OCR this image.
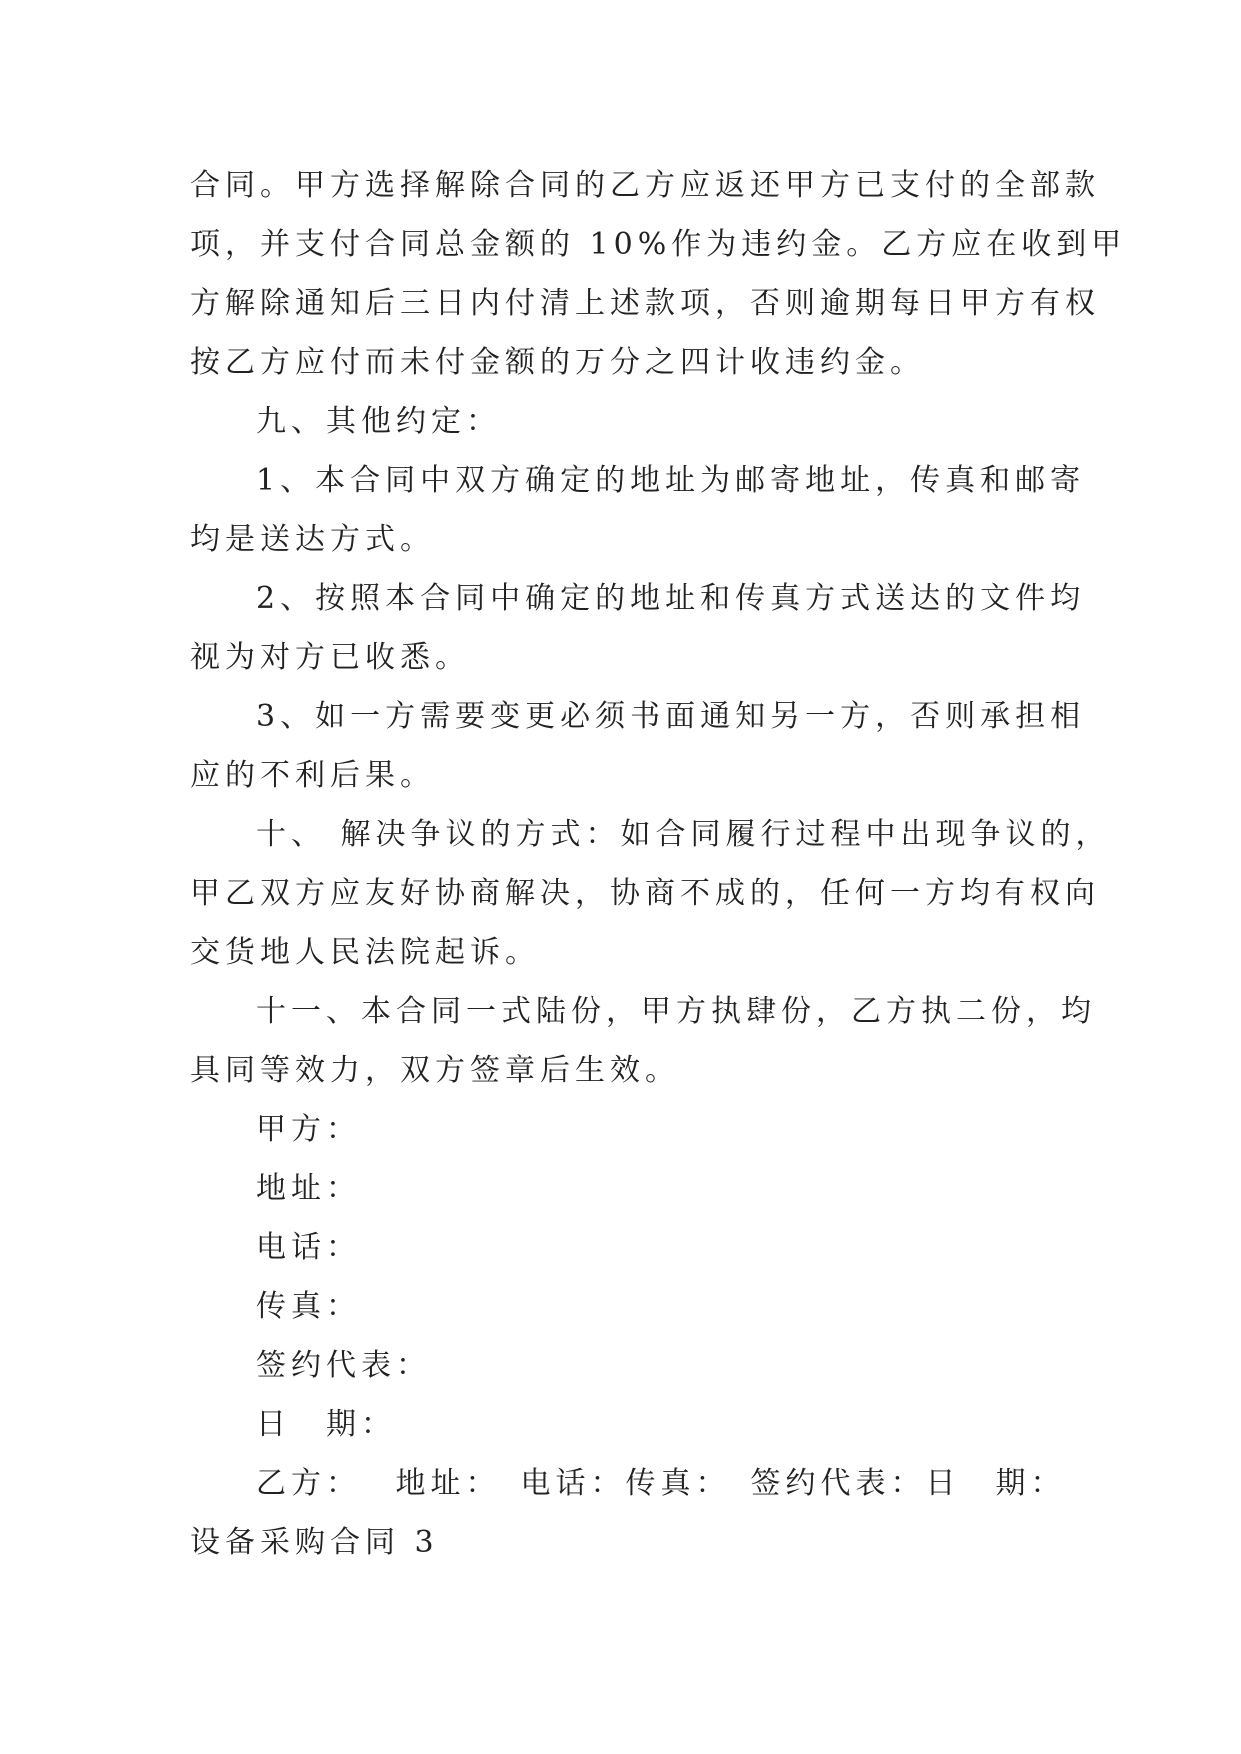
合同。甲方选择解除合同的乙方应返还甲方已支付的全部款
项，并支付合同总金额的 10%作为违约金。乙方应在收到甲
方解除通知后三日内付清上述款项，否则逾期每日甲方有权
按乙方应付而未付金额的万分之四计收违约金。
九、其他约定：
1、本合同中双方确定的地址为邮寄地址，传真和邮寄
均是送达方式。
2、按照本合同中确定的地址和传真方式送达的文件均
视为对方已收悉。
3、如一方需要变更必须书面通知另一方，否则承担相
应的不利后果。
十、 解决争议的方式：如合同履行过程中出现争议的，
甲乙双方应友好协商解决，协商不成的，任何一方均有权向
交货地人民法院起诉。
十一、本合同一式陆份，甲方执肆份，乙方执二份，均
具同等效力，双方签章后生效。
甲方：
地址：
电话：
传真：
签约代表：
日　期：
乙方：　 地址：　电话：传真：　签约代表：日　期：
设备采购合同 3
